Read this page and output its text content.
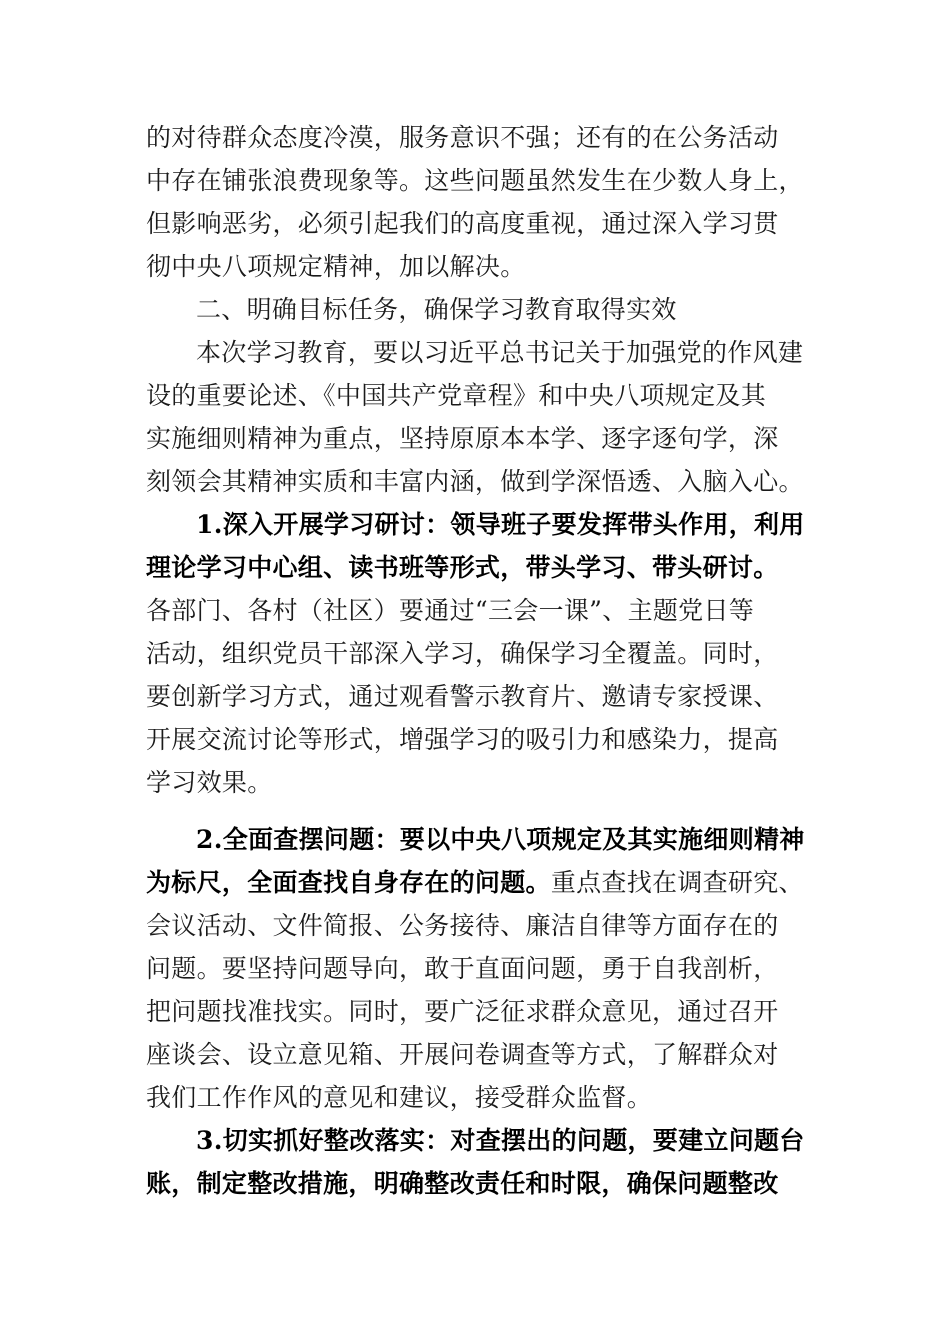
的对待群众态度冷漠，服务意识不强；还有的在公务活动
中存在铺张浪费现象等。这些问题虽然发生在少数人身上，
但影响恶劣，必须引起我们的高度重视，通过深入学习贯
彻中央八项规定精神，加以解决。
二、明确目标任务，确保学习教育取得实效
本次学习教育，要以习近平总书记关于加强党的作风建
设的重要论述、《中国共产党章程》和中央八项规定及其
实施细则精神为重点，坚持原原本本学、逐字逐句学，深
刻领会其精神实质和丰富内涵，做到学深悟透、入脑入心。
1.深入开展学习研讨：领导班子要发挥带头作用，利用
理论学习中心组、读书班等形式，带头学习、带头研讨。
各部门、各村（社区）要通过“三会一课”、主题党日等
活动，组织党员干部深入学习，确保学习全覆盖。同时，
要创新学习方式，通过观看警示教育片、邀请专家授课、
开展交流讨论等形式，增强学习的吸引力和感染力，提高
学习效果。
2.全面查摆问题：要以中央八项规定及其实施细则精神
为标尺，全面查找自身存在的问题。重点查找在调查研究、
会议活动、文件简报、公务接待、廉洁自律等方面存在的
问题。要坚持问题导向，敢于直面问题，勇于自我剖析，
把问题找准找实。同时，要广泛征求群众意见，通过召开
座谈会、设立意见箱、开展问卷调查等方式，了解群众对
我们工作作风的意见和建议，接受群众监督。
3.切实抓好整改落实：对查摆出的问题，要建立问题台
账，制定整改措施，明确整改责任和时限，确保问题整改
